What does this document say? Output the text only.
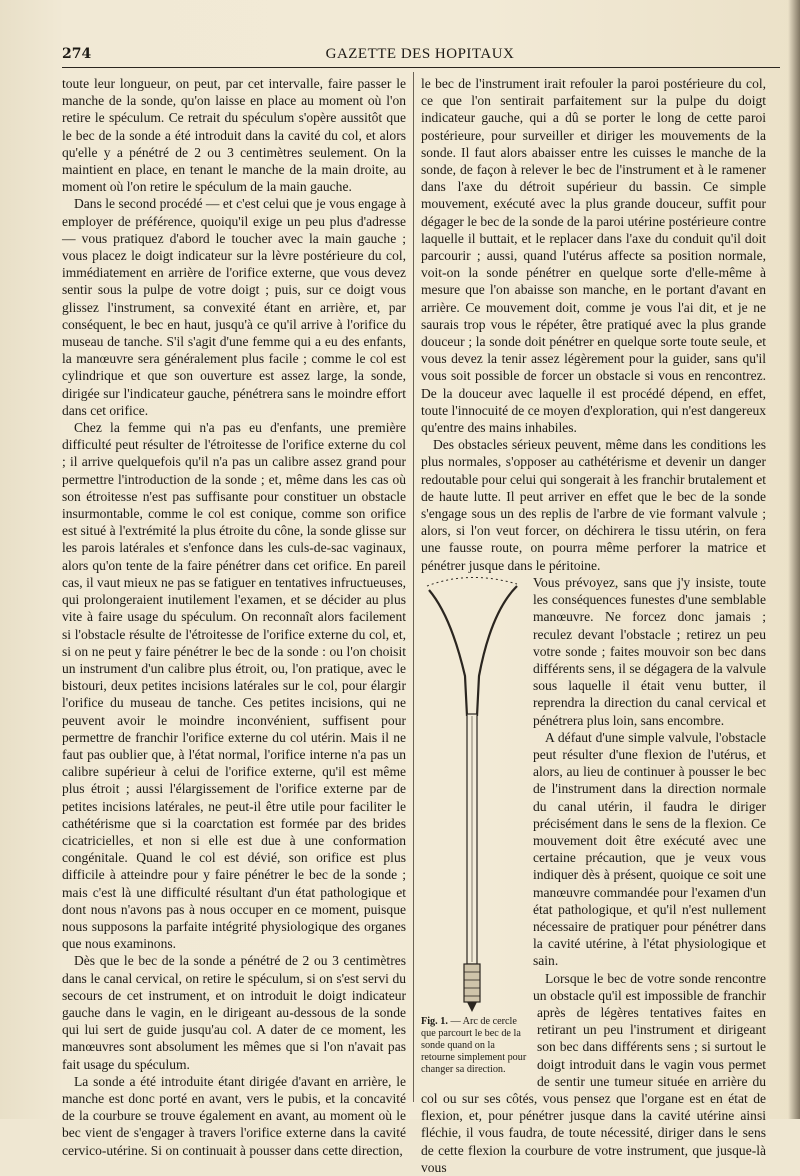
274	GAZETTE DES HOPITAUX

toute leur longueur, on peut, par cet intervalle, faire passer le manche de la sonde, qu'on laisse en place au moment où l'on retire le spéculum. Ce retrait du spéculum s'opère aussitôt que le bec de la sonde a été introduit dans la cavité du col, et alors qu'elle y a pénétré de 2 ou 3 centimètres seulement. On la maintient en place, en tenant le manche de la main droite, au moment où l'on retire le spéculum de la main gauche.

Dans le second procédé — et c'est celui que je vous engage à employer de préférence, quoiqu'il exige un peu plus d'adresse — vous pratiquez d'abord le toucher avec la main gauche ; vous placez le doigt indicateur sur la lèvre postérieure du col, immédiatement en arrière de l'orifice externe, que vous devez sentir sous la pulpe de votre doigt ; puis, sur ce doigt vous glissez l'instrument, sa convexité étant en arrière, et, par conséquent, le bec en haut, jusqu'à ce qu'il arrive à l'orifice du museau de tanche. S'il s'agit d'une femme qui a eu des enfants, la manœuvre sera généralement plus facile ; comme le col est cylindrique et que son ouverture est assez large, la sonde, dirigée sur l'indicateur gauche, pénétrera sans le moindre effort dans cet orifice.

Chez la femme qui n'a pas eu d'enfants, une première difficulté peut résulter de l'étroitesse de l'orifice externe du col ; il arrive quelquefois qu'il n'a pas un calibre assez grand pour permettre l'introduction de la sonde ; et, même dans les cas où son étroitesse n'est pas suffisante pour constituer un obstacle insurmontable, comme le col est conique, comme son orifice est situé à l'extrémité la plus étroite du cône, la sonde glisse sur les parois latérales et s'enfonce dans les culs-de-sac vaginaux, alors qu'on tente de la faire pénétrer dans cet orifice. En pareil cas, il vaut mieux ne pas se fatiguer en tentatives infructueuses, qui prolongeraient inutilement l'examen, et se décider au plus vite à faire usage du spéculum. On reconnaît alors facilement si l'obstacle résulte de l'étroitesse de l'orifice externe du col, et, si on ne peut y faire pénétrer le bec de la sonde : ou l'on choisit un instrument d'un calibre plus étroit, ou, l'on pratique, avec le bistouri, deux petites incisions latérales sur le col, pour élargir l'orifice du museau de tanche. Ces petites incisions, qui ne peuvent avoir le moindre inconvénient, suffisent pour permettre de franchir l'orifice externe du col utérin. Mais il ne faut pas oublier que, à l'état normal, l'orifice interne n'a pas un calibre supérieur à celui de l'orifice externe, qu'il est même plus étroit ; aussi l'élargissement de l'orifice externe par de petites incisions latérales, ne peut-il être utile pour faciliter le cathétérisme que si la coarctation est formée par des brides cicatricielles, et non si elle est due à une conformation congénitale. Quand le col est dévié, son orifice est plus difficile à atteindre pour y faire pénétrer le bec de la sonde ; mais c'est là une difficulté résultant d'un état pathologique et dont nous n'avons pas à nous occuper en ce moment, puisque nous supposons la parfaite intégrité physiologique des organes que nous examinons.

Dès que le bec de la sonde a pénétré de 2 ou 3 centimètres dans le canal cervical, on retire le spéculum, si on s'est servi du secours de cet instrument, et on introduit le doigt indicateur gauche dans le vagin, en le dirigeant au-dessous de la sonde qui lui sert de guide jusqu'au col. A dater de ce moment, les manœuvres sont absolument les mêmes que si l'on n'avait pas fait usage du spéculum.

La sonde a été introduite étant dirigée d'avant en arrière, le manche est donc porté en avant, vers le pubis, et la concavité de la courbure se trouve également en avant, au moment où le bec vient de s'engager à travers l'orifice externe dans la cavité cervico-utérine. Si on continuait à pousser dans cette direction,

le bec de l'instrument irait refouler la paroi postérieure du col, ce que l'on sentirait parfaitement sur la pulpe du doigt indicateur gauche, qui a dû se porter le long de cette paroi postérieure, pour surveiller et diriger les mouvements de la sonde. Il faut alors abaisser entre les cuisses le manche de la sonde, de façon à relever le bec de l'instrument et à le ramener dans l'axe du détroit supérieur du bassin. Ce simple mouvement, exécuté avec la plus grande douceur, suffit pour dégager le bec de la sonde de la paroi utérine postérieure contre laquelle il buttait, et le replacer dans l'axe du conduit qu'il doit parcourir ; aussi, quand l'utérus affecte sa position normale, voit-on la sonde pénétrer en quelque sorte d'elle-même à mesure que l'on abaisse son manche, en le portant d'avant en arrière. Ce mouvement doit, comme je vous l'ai dit, et je ne saurais trop vous le répéter, être pratiqué avec la plus grande douceur ; la sonde doit pénétrer en quelque sorte toute seule, et vous devez la tenir assez légèrement pour la guider, sans qu'il vous soit possible de forcer un obstacle si vous en rencontrez. De la douceur avec laquelle il est procédé dépend, en effet, toute l'innocuité de ce moyen d'exploration, qui n'est dangereux qu'entre des mains inhabiles.

Des obstacles sérieux peuvent, même dans les conditions les plus normales, s'opposer au cathétérisme et devenir un danger redoutable pour celui qui songerait à les franchir brutalement et de haute lutte. Il peut arriver en effet que le bec de la sonde s'engage sous un des replis de l'arbre de vie formant valvule ; alors, si l'on veut forcer, on déchirera le tissu utérin, on fera une fausse route, on pourra même perforer la matrice et pénétrer jusque dans le péritoine.

Fig. 1. — Arc de cercle que parcourt le bec de la sonde quand on la retourne simplement pour changer sa direction.

Vous prévoyez, sans que j'y insiste, toute les conséquences funestes d'une semblable manœuvre. Ne forcez donc jamais ; reculez devant l'obstacle ; retirez un peu votre sonde ; faites mouvoir son bec dans différents sens, il se dégagera de la valvule sous laquelle il était venu butter, il reprendra la direction du canal cervical et pénétrera plus loin, sans encombre.

A défaut d'une simple valvule, l'obstacle peut résulter d'une flexion de l'utérus, et alors, au lieu de continuer à pousser le bec de l'instrument dans la direction normale du canal utérin, il faudra le diriger précisément dans le sens de la flexion. Ce mouvement doit être exécuté avec une certaine précaution, que je veux vous indiquer dès à présent, quoique ce soit une manœuvre commandée pour l'examen d'un état pathologique, et qu'il n'est nullement nécessaire de pratiquer pour pénétrer dans la cavité utérine, à l'état physiologique et sain.

Lorsque le bec de votre sonde rencontre un obstacle qu'il est impossible de franchir après de légères tentatives faites en retirant un peu l'instrument et dirigeant son bec dans différents sens ; si surtout le doigt introduit dans le vagin vous permet de sentir une tumeur située en arrière du col ou sur ses côtés, vous pensez que l'organe est en état de flexion, et, pour pénétrer jusque dans la cavité utérine ainsi fléchie, il vous faudra, de toute nécessité, diriger dans le sens de cette flexion la courbure de votre instrument, que jusque-là vous
